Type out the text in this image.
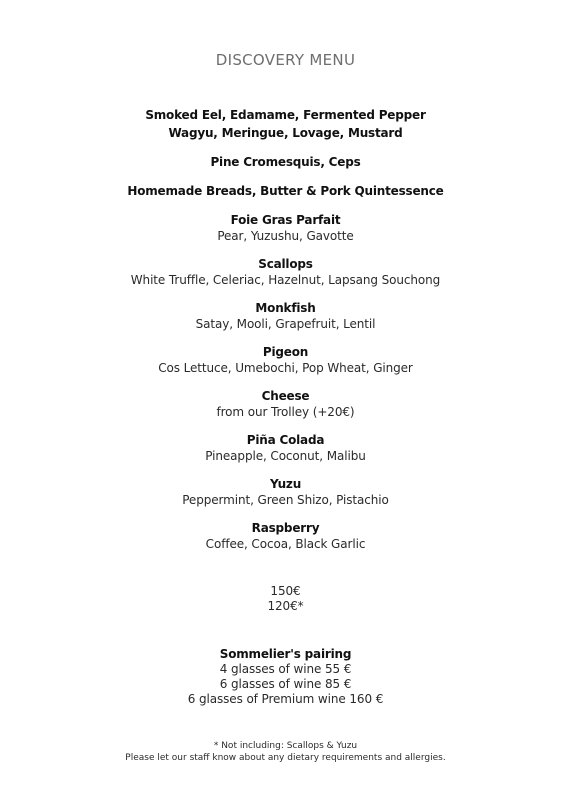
DISCOVERY MENU
Smoked Eel, Edamame, Fermented Pepper
Wagyu, Meringue, Lovage, Mustard
Pine Cromesquis, Ceps
Homemade Breads, Butter & Pork Quintessence
Foie Gras Parfait
Pear, Yuzushu, Gavotte
Scallops
White Truffle, Celeriac, Hazelnut, Lapsang Souchong
Monkfish
Satay, Mooli, Grapefruit, Lentil
Pigeon
Cos Lettuce, Umebochi, Pop Wheat, Ginger
Cheese
from our Trolley (+20€)
Piña Colada
Pineapple, Coconut, Malibu
Yuzu
Peppermint, Green Shizo, Pistachio
Raspberry
Coffee, Cocoa, Black Garlic
150€
120€*
Sommelier's pairing
4 glasses of wine 55 €
6 glasses of wine 85 €
6 glasses of Premium wine 160 €
* Not including: Scallops & Yuzu
Please let our staff know about any dietary requirements and allergies.
